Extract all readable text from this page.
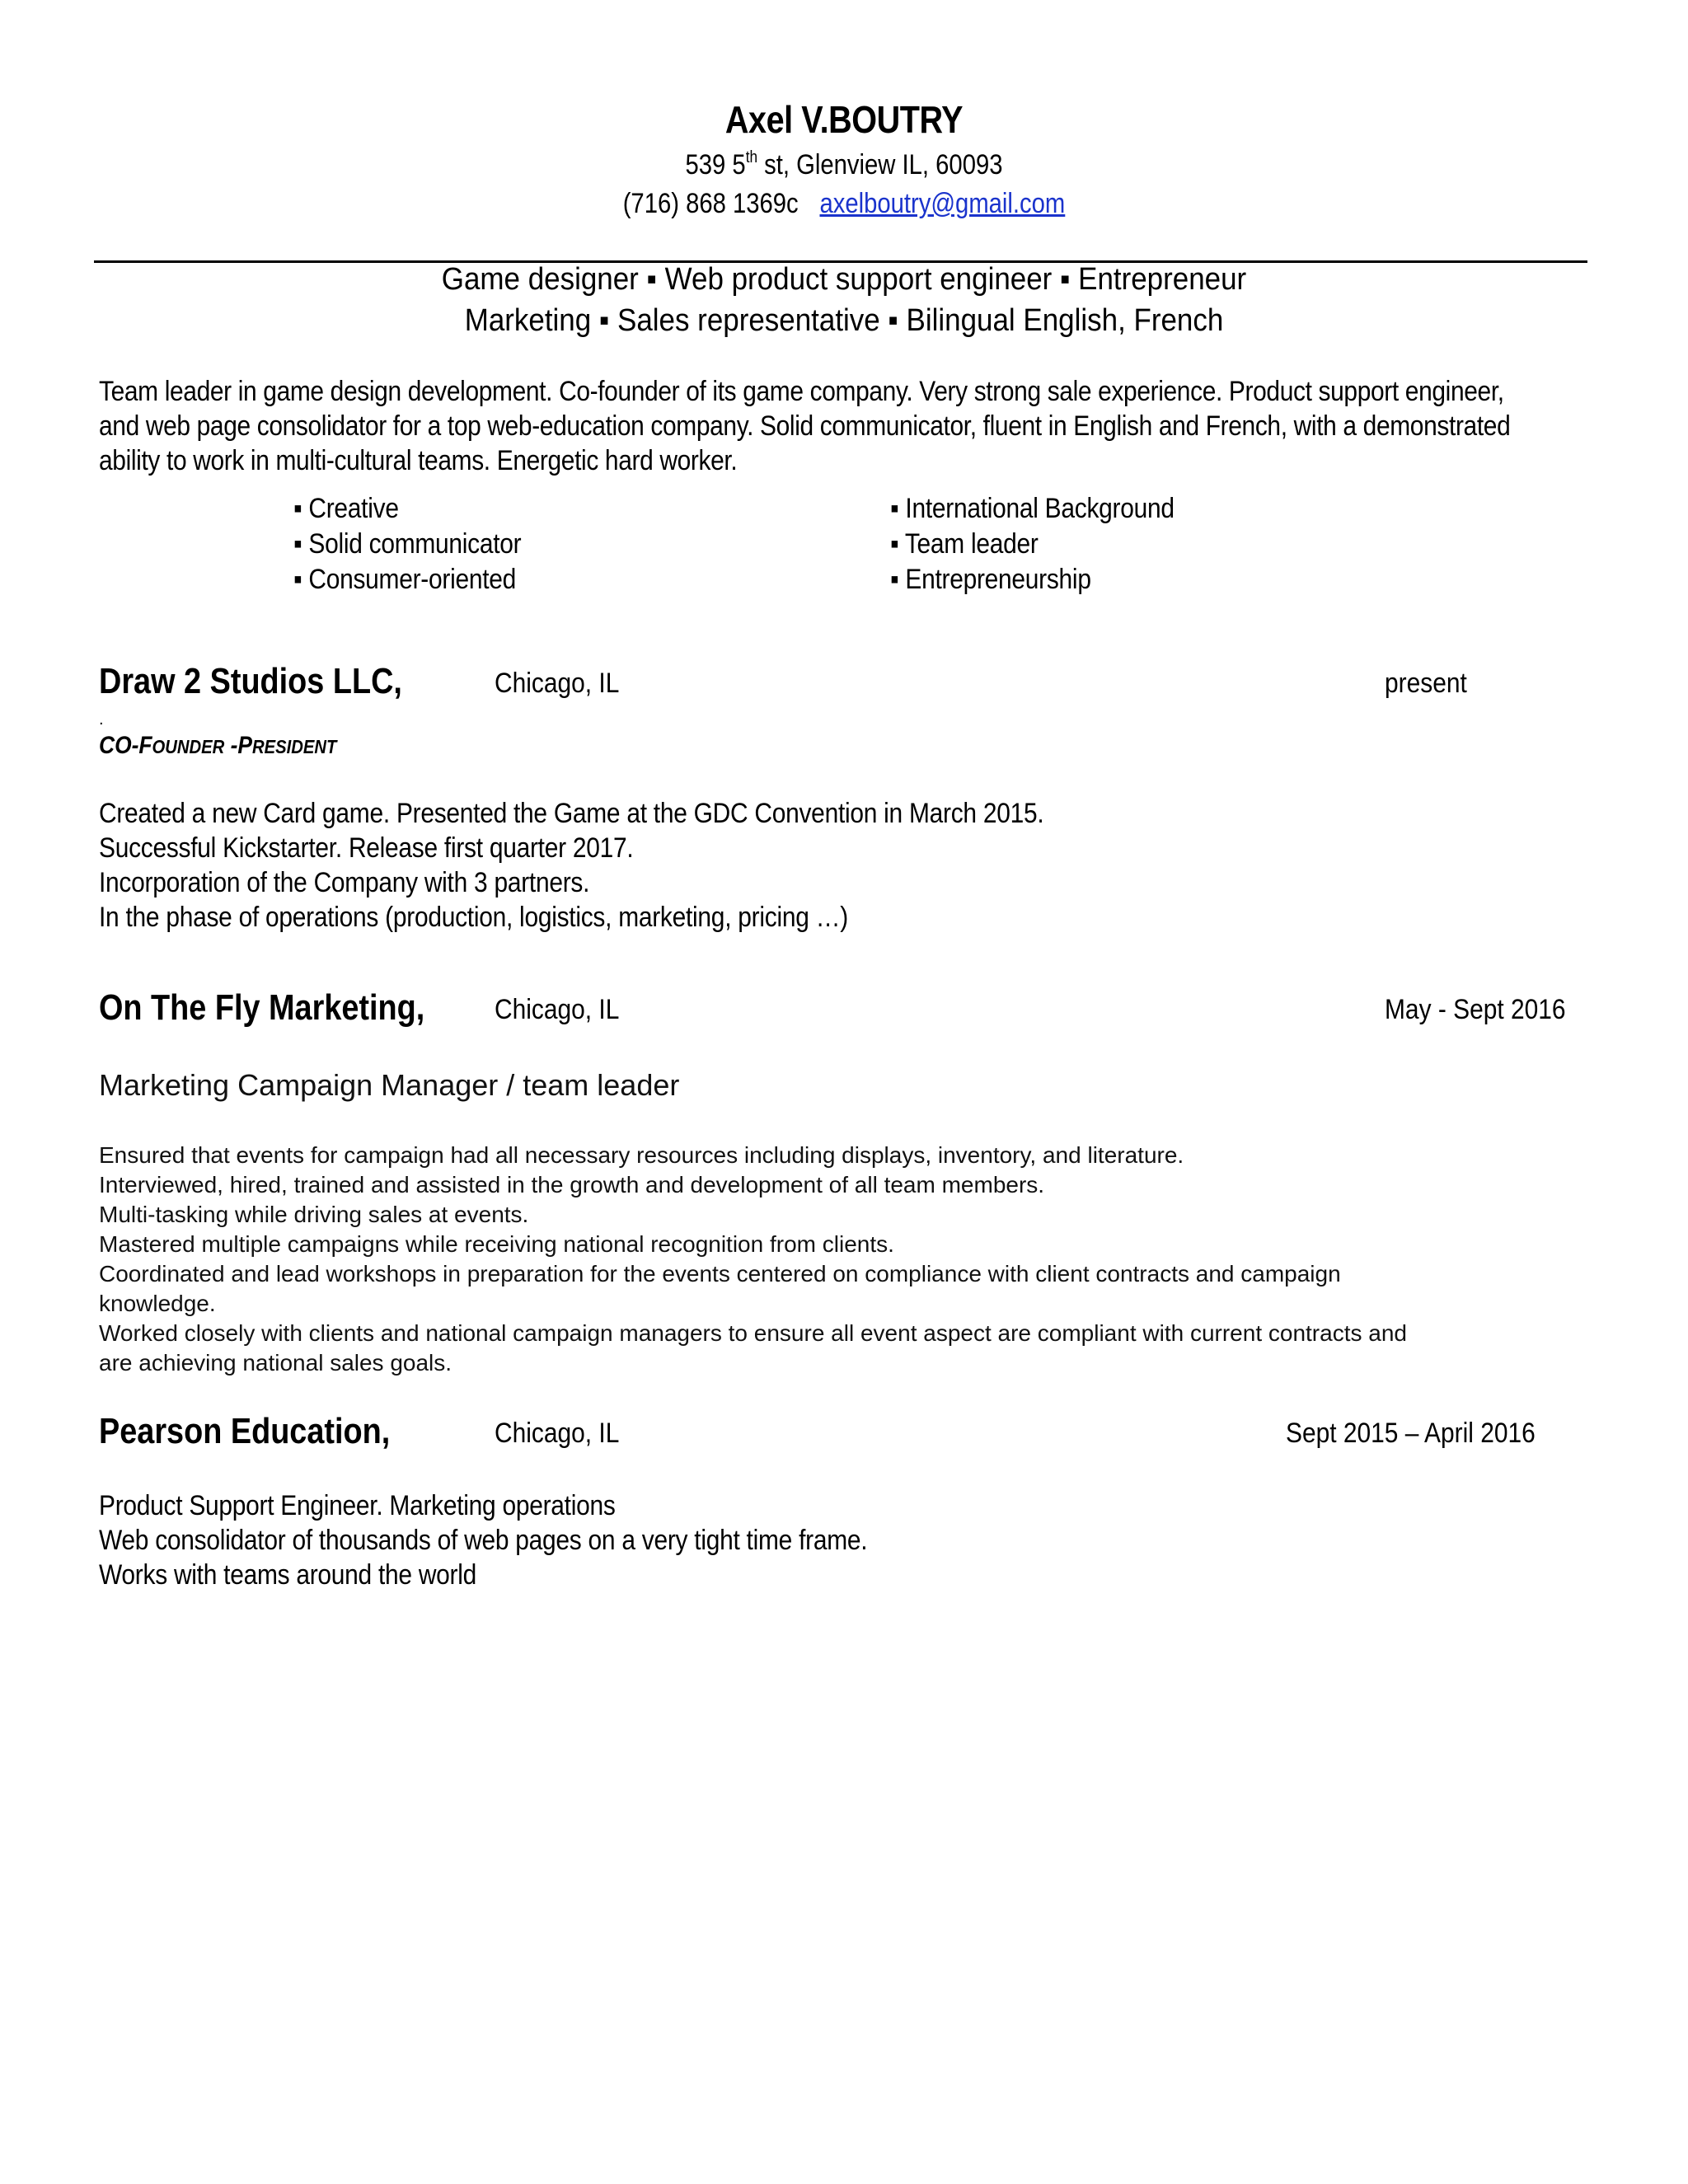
Axel V.BOUTRY
539 5th st, Glenview IL, 60093
(716) 868 1369c axelboutry@gmail.com
Game designer ▪ Web product support engineer ▪ Entrepreneur
Marketing ▪ Sales representative ▪ Bilingual English, French
Team leader in game design development. Co-founder of its game company. Very strong sale experience. Product support engineer,
and web page consolidator for a top web-education company. Solid communicator, fluent in English and French, with a demonstrated
ability to work in multi-cultural teams. Energetic hard worker.
▪ Creative
▪ Solid communicator
▪ Consumer-oriented
▪ International Background
▪ Team leader
▪ Entrepreneurship
Draw 2 Studios LLC,	Chicago, IL	present
.
CO-FOUNDER -PRESIDENT
Created a new Card game. Presented the Game at the GDC Convention in March 2015.
Successful Kickstarter. Release first quarter 2017.
Incorporation of the Company with 3 partners.
In the phase of operations (production, logistics, marketing, pricing …)
On The Fly Marketing, Chicago, IL	May - Sept 2016
Marketing Campaign Manager / team leader
Ensured that events for campaign had all necessary resources including displays, inventory, and literature.
Interviewed, hired, trained and assisted in the growth and development of all team members.
Multi-tasking while driving sales at events.
Mastered multiple campaigns while receiving national recognition from clients.
Coordinated and lead workshops in preparation for the events centered on compliance with client contracts and campaign
knowledge.
Worked closely with clients and national campaign managers to ensure all event aspect are compliant with current contracts and
are achieving national sales goals.
Pearson Education,	Chicago, IL	Sept 2015 – April 2016
Product Support Engineer. Marketing operations
Web consolidator of thousands of web pages on a very tight time frame.
Works with teams around the world
